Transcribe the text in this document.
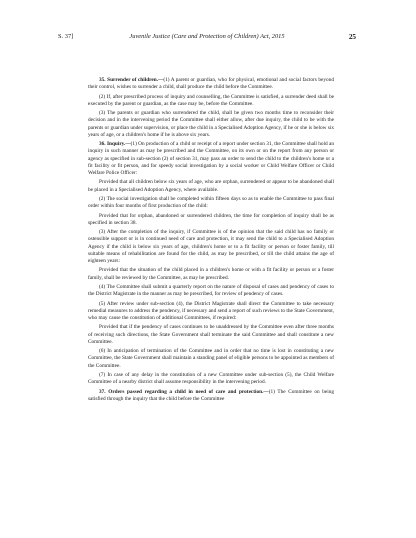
S. 37]	Juvenile Justice (Care and Protection of Children) Act, 2015	25

35. Surrender of children.—(1) A parent or guardian, who for physical, emotional and social factors beyond their control, wishes to surrender a child, shall produce the child before the Committee.

(2) If, after prescribed process of inquiry and counselling, the Committee is satisfied, a surrender deed shall be executed by the parent or guardian, as the case may be, before the Committee.

(3) The parents or guardian who surrendered the child, shall be given two months time to reconsider their decision and in the intervening period the Committee shall either allow, after due inquiry, the child to be with the parents or guardian under supervision, or place the child in a Specialised Adoption Agency, if he or she is below six years of age, or a children's home if he is above six years.

36. Inquiry.—(1) On production of a child or receipt of a report under section 31, the Committee shall hold an inquiry in such manner as may be prescribed and the Committee, on its own or on the report from any person or agency as specified in sub-section (2) of section 31, may pass an order to send the child to the children's home or a fit facility or fit person, and for speedy social investigation by a social worker or Child Welfare Officer or Child Welfare Police Officer:

Provided that all children below six years of age, who are orphan, surrendered or appear to be abandoned shall be placed in a Specialised Adoption Agency, where available.

(2) The social investigation shall be completed within fifteen days so as to enable the Committee to pass final order within four months of first production of the child:

Provided that for orphan, abandoned or surrendered children, the time for completion of inquiry shall be as specified in section 38.

(3) After the completion of the inquiry, if Committee is of the opinion that the said child has no family or ostensible support or is in continued need of care and protection, it may send the child to a Specialised Adoption Agency if the child is below six years of age, children's home or to a fit facility or person or foster family, till suitable means of rehabilitation are found for the child, as may be prescribed, or till the child attains the age of eighteen years:

Provided that the situation of the child placed in a children's home or with a fit facility or person or a foster family, shall be reviewed by the Committee, as may be prescribed.

(4) The Committee shall submit a quarterly report on the nature of disposal of cases and pendency of cases to the District Magistrate in the manner as may be prescribed, for review of pendency of cases.

(5) After review under sub-section (4), the District Magistrate shall direct the Committee to take necessary remedial measures to address the pendency, if necessary and send a report of such reviews to the State Government, who may cause the constitution of additional Committees, if required:

Provided that if the pendency of cases continues to be unaddressed by the Committee even after three months of receiving such directions, the State Government shall terminate the said Committee and shall constitute a new Committee.

(6) In anticipation of termination of the Committee and in order that no time is lost in constituting a new Committee, the State Government shall maintain a standing panel of eligible persons to be appointed as members of the Committee.

(7) In case of any delay in the constitution of a new Committee under sub-section (5), the Child Welfare Committee of a nearby district shall assume responsibility in the intervening period.

37. Orders passed regarding a child in need of care and protection.—(1) The Committee on being satisfied through the inquiry that the child before the Committee
